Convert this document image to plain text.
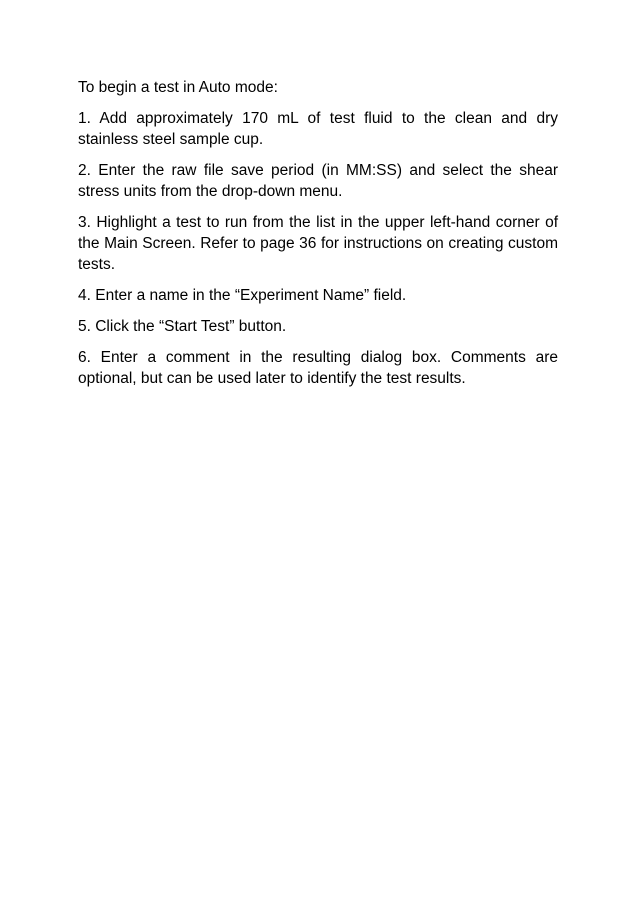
To begin a test in Auto mode:

1. Add approximately 170 mL of test fluid to the clean and dry stainless steel sample cup.

2. Enter the raw file save period (in MM:SS) and select the shear stress units from the drop-down menu.

3. Highlight a test to run from the list in the upper left-hand corner of the Main Screen. Refer to page 36 for instructions on creating custom tests.

4. Enter a name in the “Experiment Name” field.

5. Click the “Start Test” button.

6. Enter a comment in the resulting dialog box. Comments are optional, but can be used later to identify the test results.
